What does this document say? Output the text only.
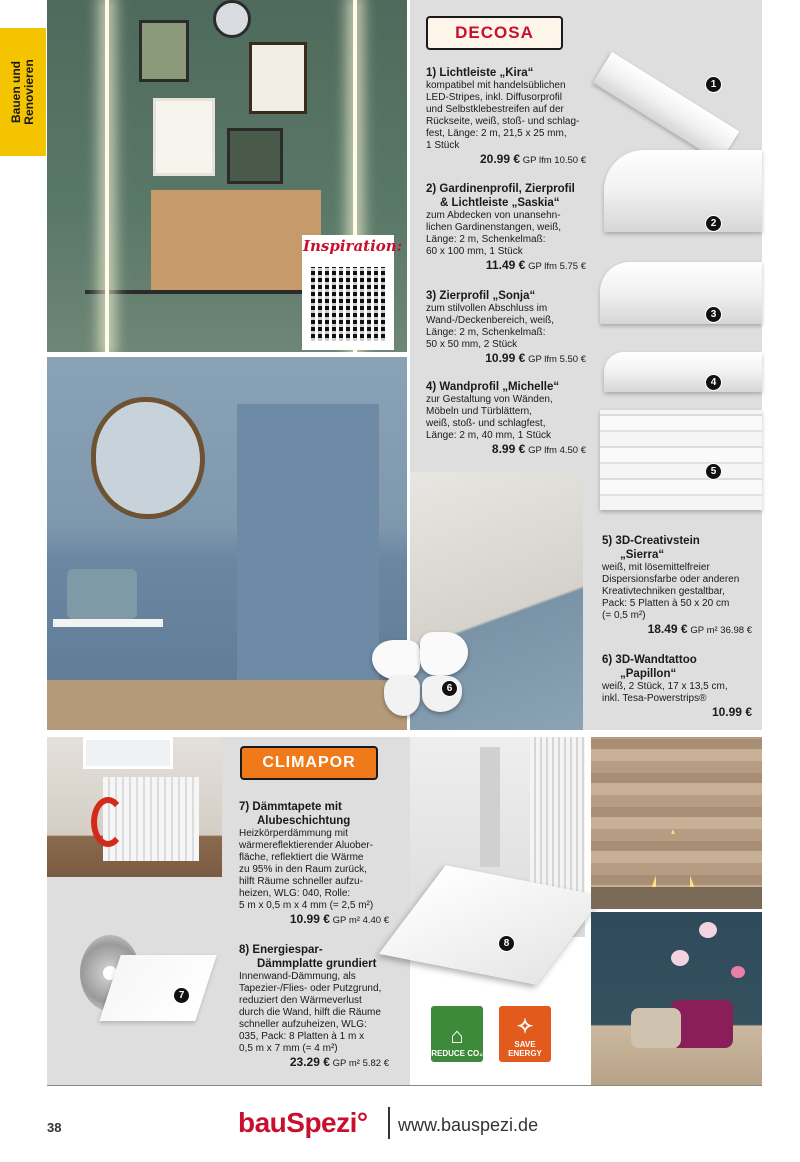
Bauen und Renovieren
Inspiration:
DECOSA
1
2
3
4
5
6
1) Lichtleiste „Kira“
kompatibel mit handelsüblichen
LED-Stripes, inkl. Diffusorprofil
und Selbstklebestreifen auf der
Rückseite, weiß, stoß- und schlag-
fest, Länge: 2 m, 21,5 x 25 mm,
1 Stück
20.99 € GP lfm 10.50 €
2) Gardinenprofil, Zierprofil
& Lichtleiste „Saskia“
zum Abdecken von unansehn-
lichen Gardinenstangen, weiß,
Länge: 2 m, Schenkelmaß:
60 x 100 mm, 1 Stück
11.49 € GP lfm 5.75 €
3) Zierprofil „Sonja“
zum stilvollen Abschluss im
Wand-/Deckenbereich, weiß,
Länge: 2 m, Schenkelmaß:
50 x 50 mm, 2 Stück
10.99 € GP lfm 5.50 €
4) Wandprofil „Michelle“
zur Gestaltung von Wänden,
Möbeln und Türblättern,
weiß, stoß- und schlagfest,
Länge: 2 m, 40 mm, 1 Stück
8.99 € GP lfm 4.50 €
5) 3D-Creativstein
„Sierra“
weiß, mit lösemittelfreier
Dispersionsfarbe oder anderen
Kreativtechniken gestaltbar,
Pack: 5 Platten à 50 x 20 cm
(= 0,5 m²)
18.49 € GP m² 36.98 €
6) 3D-Wandtattoo
„Papillon“
weiß, 2 Stück, 17 x 13,5 cm,
inkl. Tesa-Powerstrips®
10.99 €
7
CLIMAPOR
8
⌂
REDUCE CO₂
✧
SAVE ENERGY
7) Dämmtapete mit
Alubeschichtung
Heizkörperdämmung mit
wärmereflektierender Aluober-
fläche, reflektiert die Wärme
zu 95% in den Raum zurück,
hilft Räume schneller aufzu-
heizen, WLG: 040, Rolle:
5 m x 0,5 m x 4 mm (= 2,5 m²)
10.99 € GP m² 4.40 €
8) Energiespar-
Dämmplatte grundiert
Innenwand-Dämmung, als
Tapezier-/Flies- oder Putzgrund,
reduziert den Wärmeverlust
durch die Wand, hilft die Räume
schneller aufzuheizen, WLG:
035, Pack: 8 Platten à 1 m x
0,5 m x 7 mm (= 4 m²)
23.29 € GP m² 5.82 €
38	bauSpezi° www.bauspezi.de
